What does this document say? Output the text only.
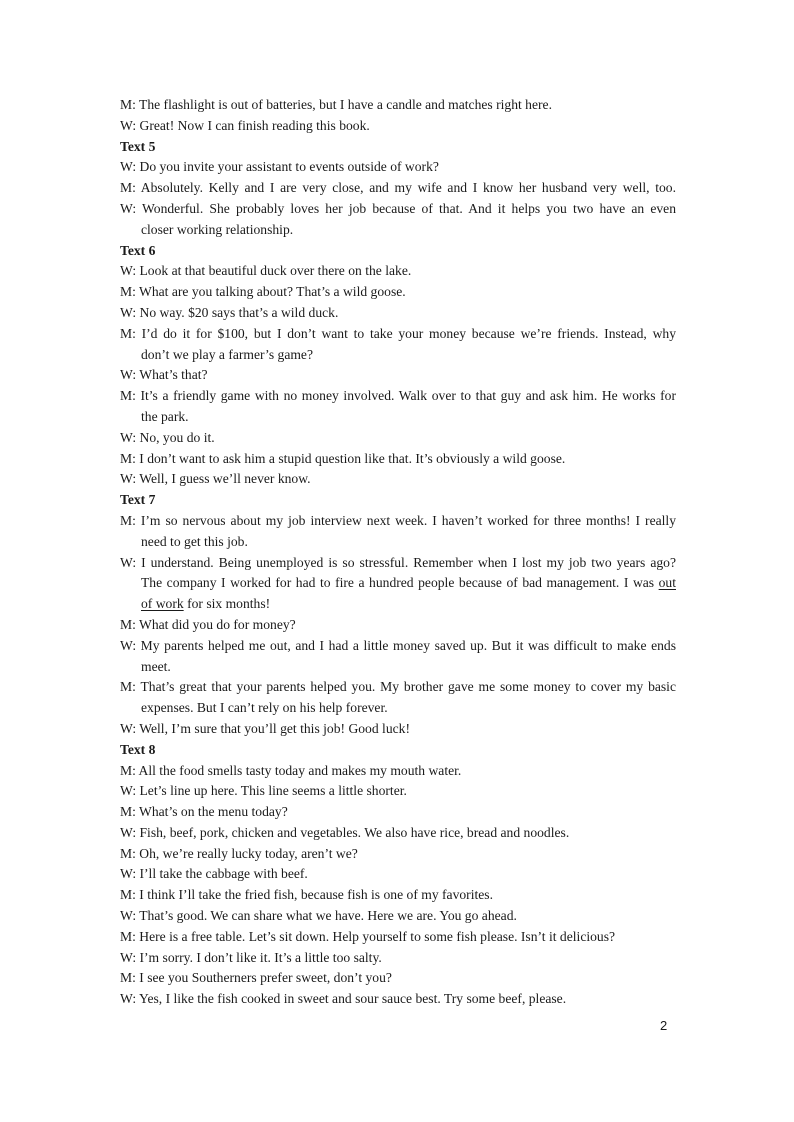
M: The flashlight is out of batteries, but I have a candle and matches right here.
W: Great! Now I can finish reading this book.
Text 5
W: Do you invite your assistant to events outside of work?
M: Absolutely. Kelly and I are very close, and my wife and I know her husband very well, too.
W: Wonderful. She probably loves her job because of that. And it helps you two have an even
closer working relationship.
Text 6
W: Look at that beautiful duck over there on the lake.
M: What are you talking about? That’s a wild goose.
W: No way. $20 says that’s a wild duck.
M: I’d do it for $100, but I don’t want to take your money because we’re friends. Instead, why
don’t we play a farmer’s game?
W: What’s that?
M: It’s a friendly game with no money involved. Walk over to that guy and ask him. He works for
the park.
W: No, you do it.
M: I don’t want to ask him a stupid question like that. It’s obviously a wild goose.
W: Well, I guess we’ll never know.
Text 7
M: I’m so nervous about my job interview next week. I haven’t worked for three months! I really
need to get this job.
W: I understand. Being unemployed is so stressful. Remember when I lost my job two years ago?
The company I worked for had to fire a hundred people because of bad management. I was out
of work for six months!
M: What did you do for money?
W: My parents helped me out, and I had a little money saved up. But it was difficult to make ends
meet.
M: That’s great that your parents helped you. My brother gave me some money to cover my basic
expenses. But I can’t rely on his help forever.
W: Well, I’m sure that you’ll get this job! Good luck!
Text 8
M: All the food smells tasty today and makes my mouth water.
W: Let’s line up here. This line seems a little shorter.
M: What’s on the menu today?
W: Fish, beef, pork, chicken and vegetables. We also have rice, bread and noodles.
M: Oh, we’re really lucky today, aren’t we?
W: I’ll take the cabbage with beef.
M: I think I’ll take the fried fish, because fish is one of my favorites.
W: That’s good. We can share what we have. Here we are. You go ahead.
M: Here is a free table. Let’s sit down. Help yourself to some fish please. Isn’t it delicious?
W: I’m sorry. I don’t like it. It’s a little too salty.
M: I see you Southerners prefer sweet, don’t you?
W: Yes, I like the fish cooked in sweet and sour sauce best. Try some beef, please.
2
